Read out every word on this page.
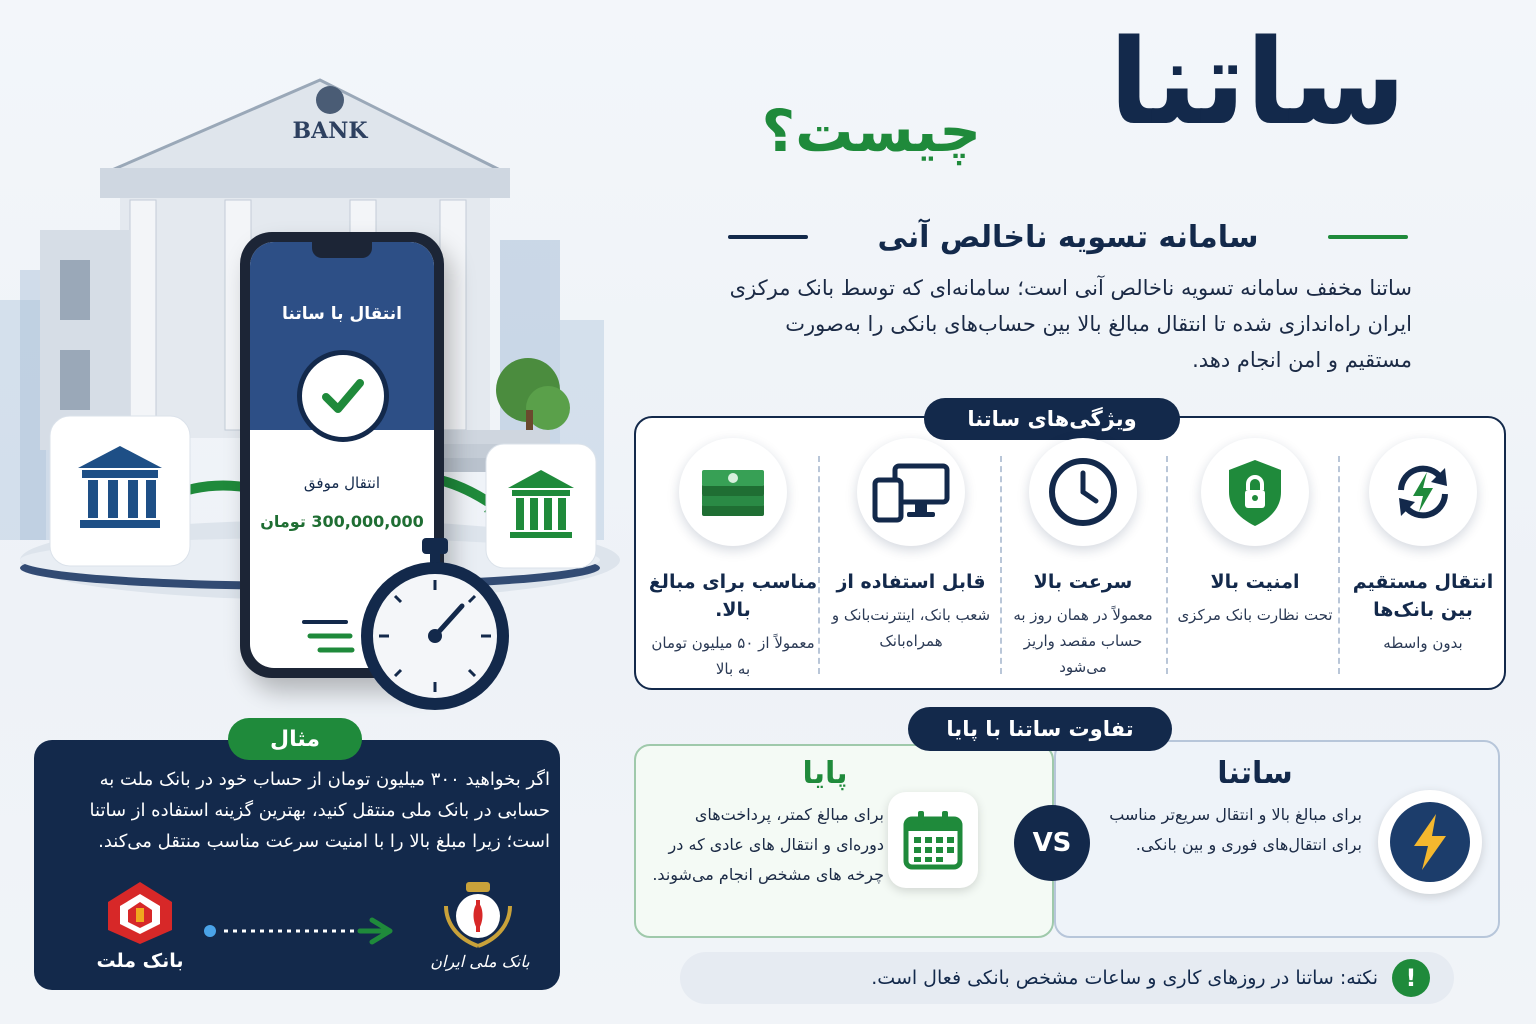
BANK
انتقال با ساتنا
انتقال موفق
300,000,000 تومان
ساتنا
چیست؟
سامانه تسویه ناخالص آنی
ساتنا مخفف سامانه تسویه ناخالص آنی است؛ سامانه‌ای که توسط بانک مرکزی ایران راه‌اندازی شده تا انتقال مبالغ بالا بین حساب‌های بانکی را به‌صورت مستقیم و امن انجام دهد.
ویژگی‌های ساتنا
انتقال مستقیم بین بانک‌ها
بدون واسطه
امنیت بالا
تحت نظارت بانک مرکزی
سرعت بالا
معمولاً در همان روز به حساب مقصد واریز می‌شود
قابل استفاده از
شعب بانک، اینترنت‌بانک و همراه‌بانک
مناسب برای مبالغ بالا.
معمولاً از ۵۰ میلیون تومان به بالا
تفاوت ساتنا با پایا
پایا
برای مبالغ کمتر، پرداخت‌های دوره‌ای و انتقال های عادی که در چرخه های مشخص انجام می‌شوند.
VS
ساتنا
برای مبالغ بالا و انتقال سریع‌تر مناسب برای انتقال‌های فوری و بین بانکی.
!
نکته: ساتنا در روزهای کاری و ساعات مشخص بانکی فعال است.
مثال
اگر بخواهید ۳۰۰ میلیون تومان از حساب خود در بانک ملت به حسابی در بانک ملی منتقل کنید، بهترین گزینه استفاده از ساتنا است؛ زیرا مبلغ بالا را با امنیت سرعت مناسب منتقل می‌کند.
بانک ملت	بانک ملی ایران
